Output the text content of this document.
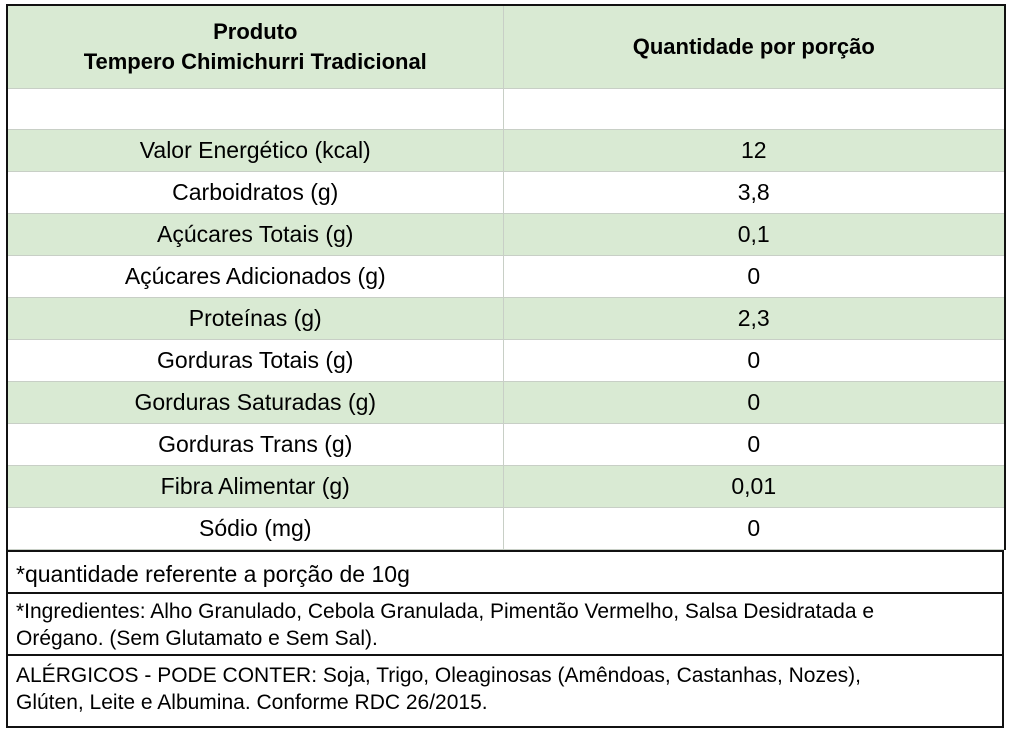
Produto
Tempero Chimichurri Tradicional	Quantidade por porção

Valor Energético (kcal)	12
Carboidratos (g)	3,8
Açúcares Totais (g)	0,1
Açúcares Adicionados (g)	0
Proteínas (g)	2,3
Gorduras Totais (g)	0
Gorduras Saturadas (g)	0
Gorduras Trans (g)	0
Fibra Alimentar (g)	0,01
Sódio (mg)	0
*quantidade referente a porção de 10g
*Ingredientes: Alho Granulado, Cebola Granulada, Pimentão Vermelho, Salsa Desidratada e
Orégano. (Sem Glutamato e Sem Sal).
ALÉRGICOS - PODE CONTER: Soja, Trigo, Oleaginosas (Amêndoas, Castanhas, Nozes),
Glúten, Leite e Albumina. Conforme RDC 26/2015.
